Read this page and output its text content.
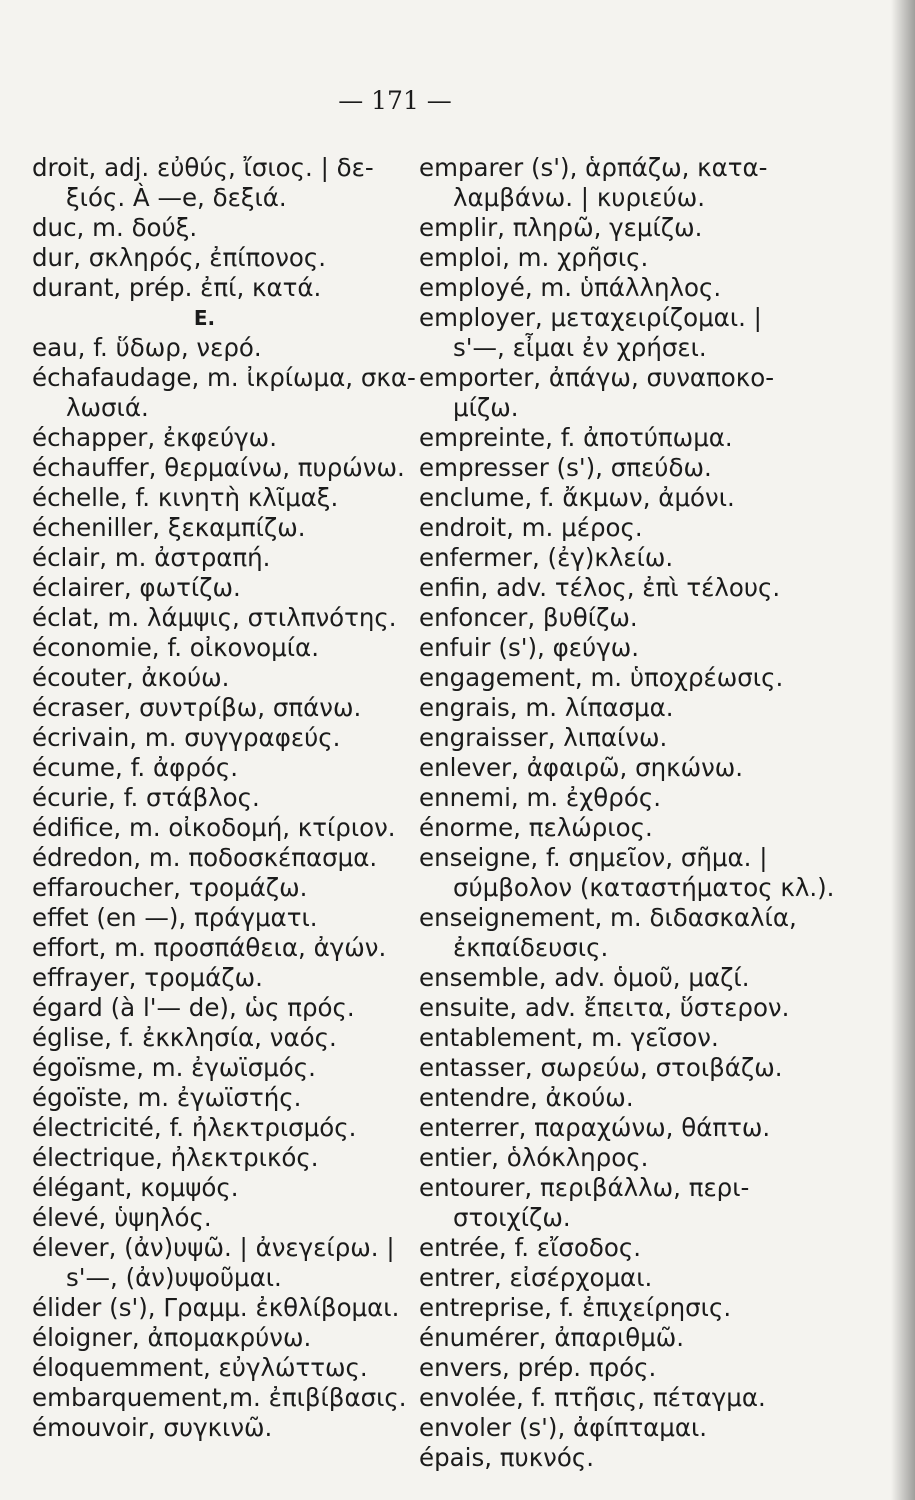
— 171 —
droit, adj. εὐθύς, ἴσιος. | δε-
ξιός. À —e, δεξιά.
duc, m. δούξ.
dur, σκληρός, ἐπίπονος.
durant, prép. ἐπί, κατά.
E.
eau, f. ὕδωρ, νερό.
échafaudage, m. ἰκρίωμα, σκα-
λωσιά.
échapper, ἐκφεύγω.
échauffer, θερμαίνω, πυρώνω.
échelle, f. κινητὴ κλῖμαξ.
écheniller, ξεκαμπίζω.
éclair, m. ἀστραπή.
éclairer, φωτίζω.
éclat, m. λάμψις, στιλπνότης.
économie, f. οἰκονομία.
écouter, ἀκούω.
écraser, συντρίβω, σπάνω.
écrivain, m. συγγραφεύς.
écume, f. ἀφρός.
écurie, f. στάβλος.
édifice, m. οἰκοδομή, κτίριον.
édredon, m. ποδοσκέπασμα.
effaroucher, τρομάζω.
effet (en —), πράγματι.
effort, m. προσπάθεια, ἀγών.
effrayer, τρομάζω.
égard (à l'— de), ὡς πρός.
église, f. ἐκκλησία, ναός.
égoïsme, m. ἐγωϊσμός.
égoïste, m. ἐγωϊστής.
électricité, f. ἠλεκτρισμός.
électrique, ἠλεκτρικός.
élégant, κομψός.
élevé, ὑψηλός.
élever, (ἀν)υψῶ. | ἀνεγείρω. |
s'—, (ἀν)υψοῦμαι.
élider (s'), Γραμμ. ἐκθλίβομαι.
éloigner, ἀπομακρύνω.
éloquemment, εὐγλώττως.
embarquement,m. ἐπιβίβασις.
émouvoir, συγκινῶ.
emparer (s'), ἁρπάζω, κατα-
λαμβάνω. | κυριεύω.
emplir, πληρῶ, γεμίζω.
emploi, m. χρῆσις.
employé, m. ὑπάλληλος.
employer, μεταχειρίζομαι. |
s'—, εἶμαι ἐν χρήσει.
emporter, ἀπάγω, συναποκο-
μίζω.
empreinte, f. ἀποτύπωμα.
empresser (s'), σπεύδω.
enclume, f. ἄκμων, ἀμόνι.
endroit, m. μέρος.
enfermer, (ἐγ)κλείω.
enfin, adv. τέλος, ἐπὶ τέλους.
enfoncer, βυθίζω.
enfuir (s'), φεύγω.
engagement, m. ὑποχρέωσις.
engrais, m. λίπασμα.
engraisser, λιπαίνω.
enlever, ἀφαιρῶ, σηκώνω.
ennemi, m. ἐχθρός.
énorme, πελώριος.
enseigne, f. σημεῖον, σῆμα. |
σύμβολον (καταστήματος κλ.).
enseignement, m. διδασκαλία,
ἐκπαίδευσις.
ensemble, adv. ὁμοῦ, μαζί.
ensuite, adv. ἔπειτα, ὕστερον.
entablement, m. γεῖσον.
entasser, σωρεύω, στοιβάζω.
entendre, ἀκούω.
enterrer, παραχώνω, θάπτω.
entier, ὁλόκληρος.
entourer, περιβάλλω, περι-
στοιχίζω.
entrée, f. εἴσοδος.
entrer, εἰσέρχομαι.
entreprise, f. ἐπιχείρησις.
énumérer, ἀπαριθμῶ.
envers, prép. πρός.
envolée, f. πτῆσις, πέταγμα.
envoler (s'), ἀφίπταμαι.
épais, πυκνός.
